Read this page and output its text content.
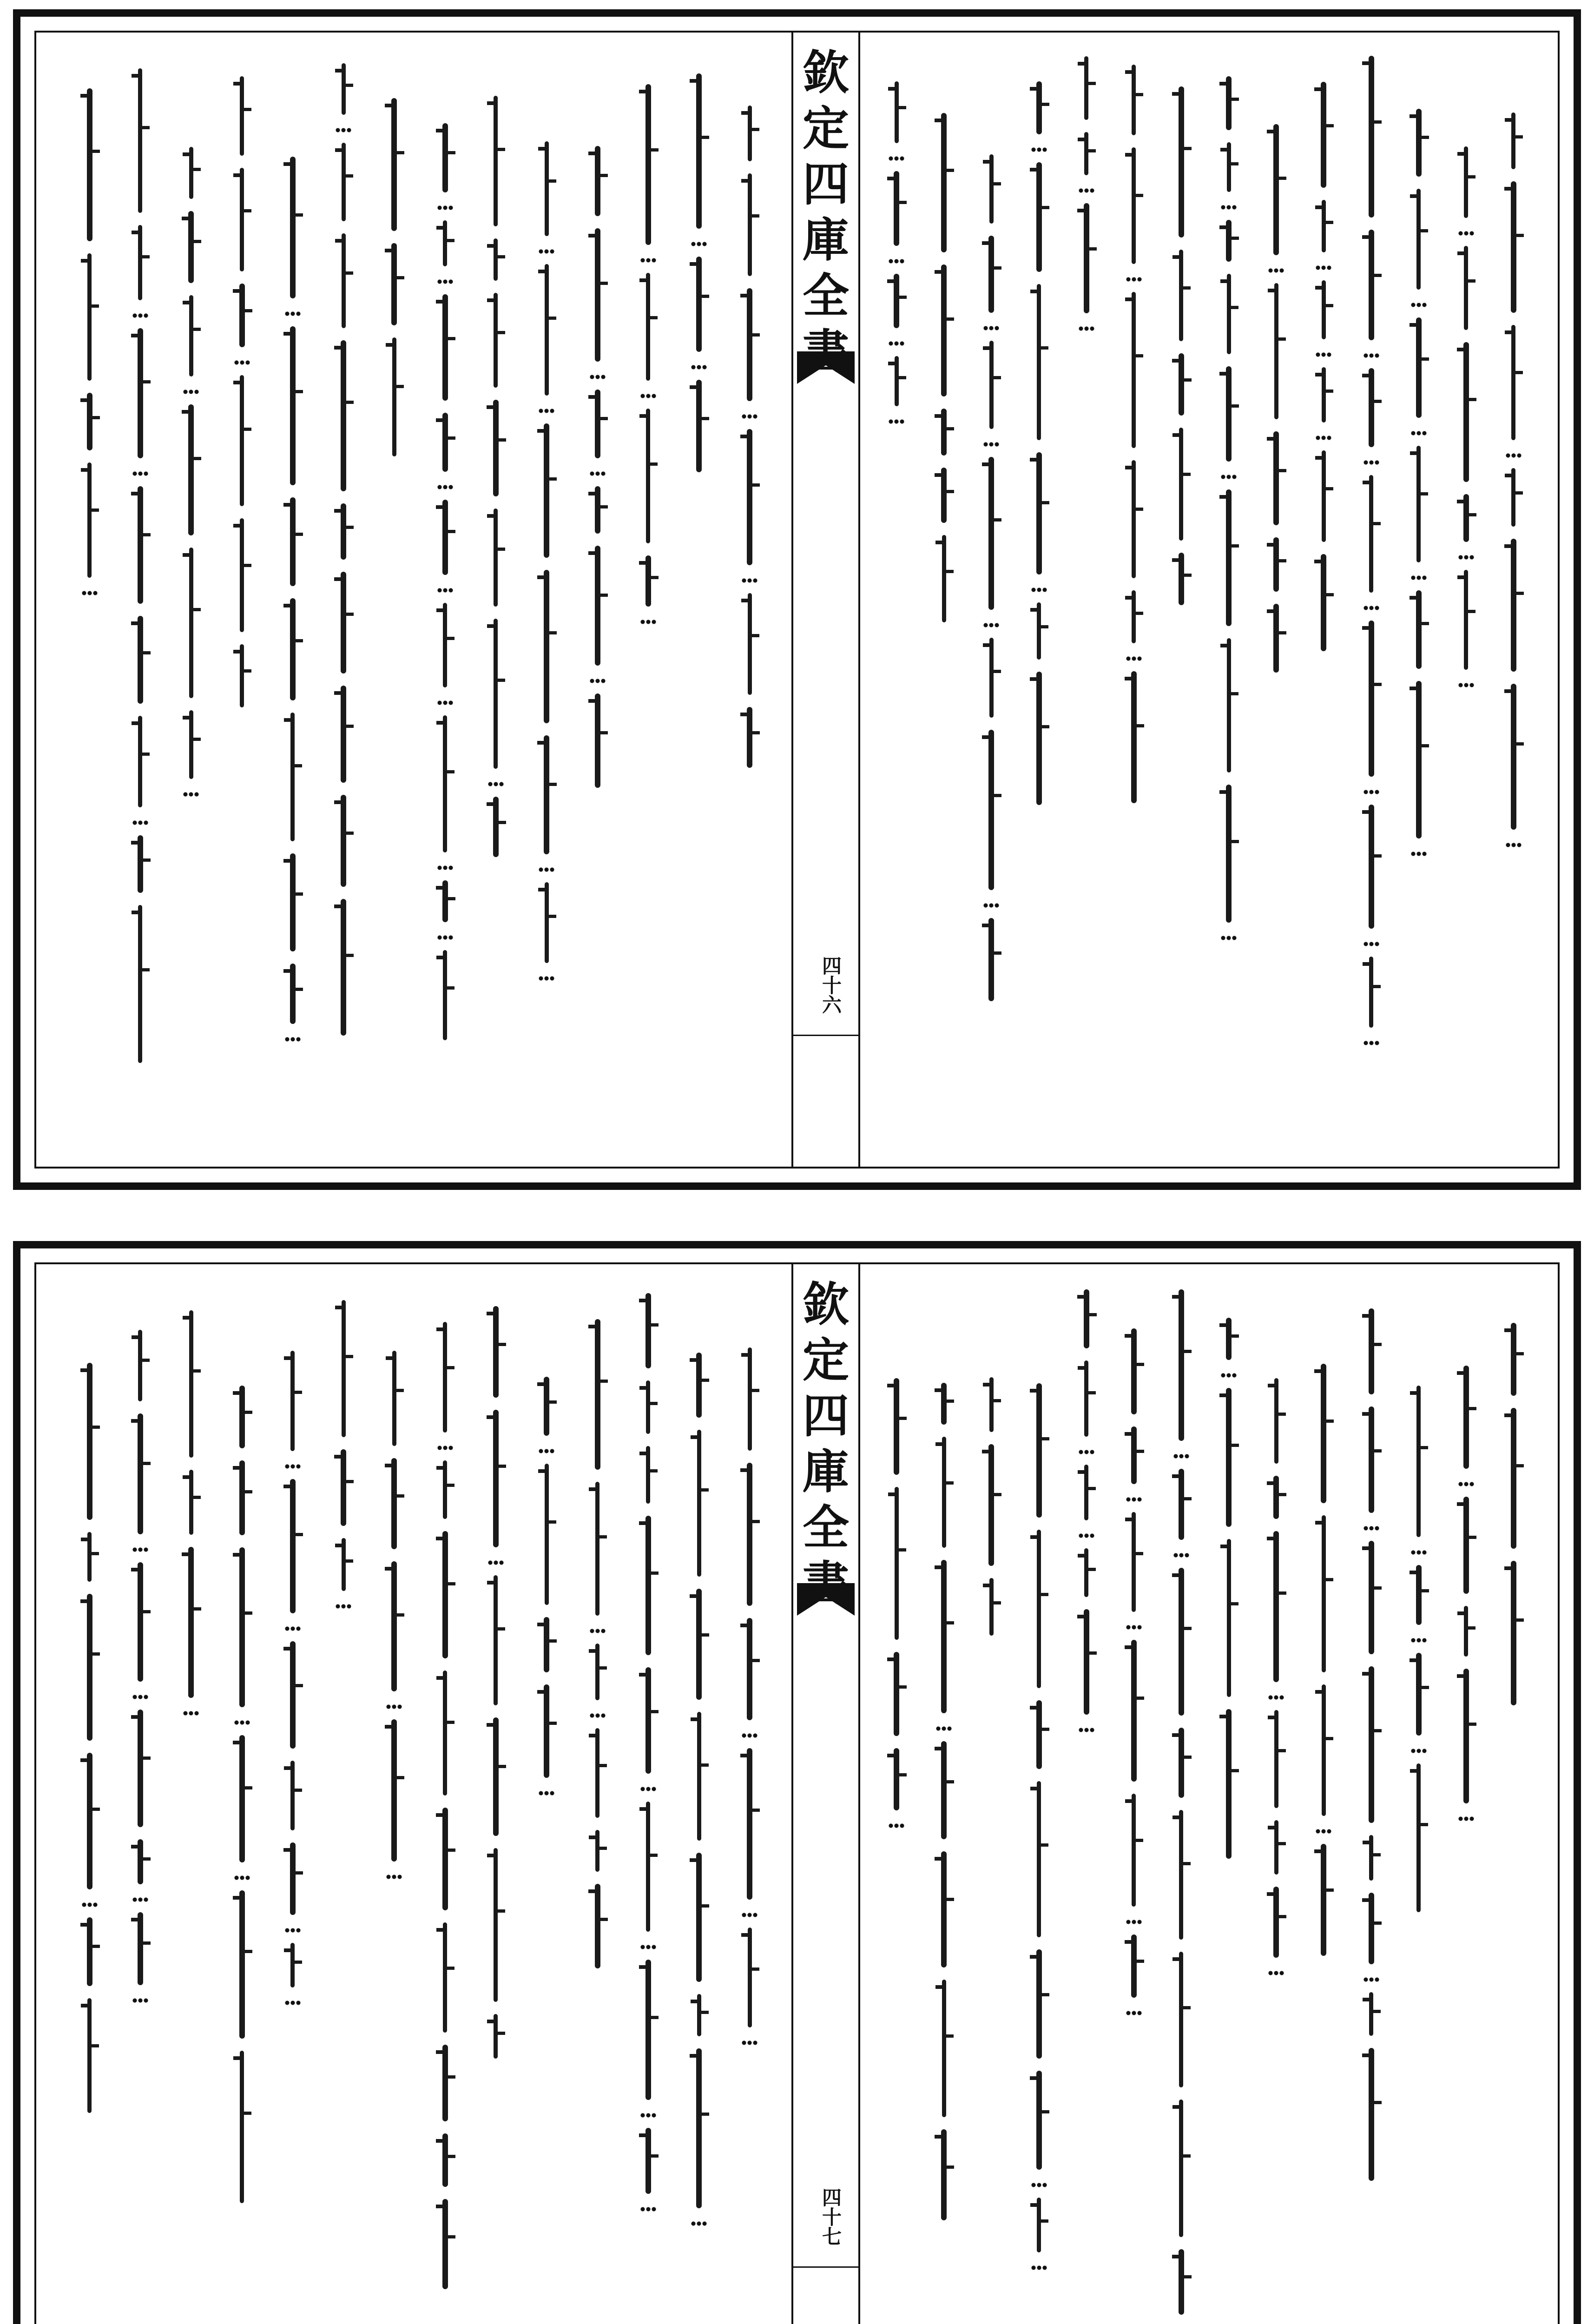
欽
定
四
庫
全
四十六
欽
定
四
庫
全
四十七
